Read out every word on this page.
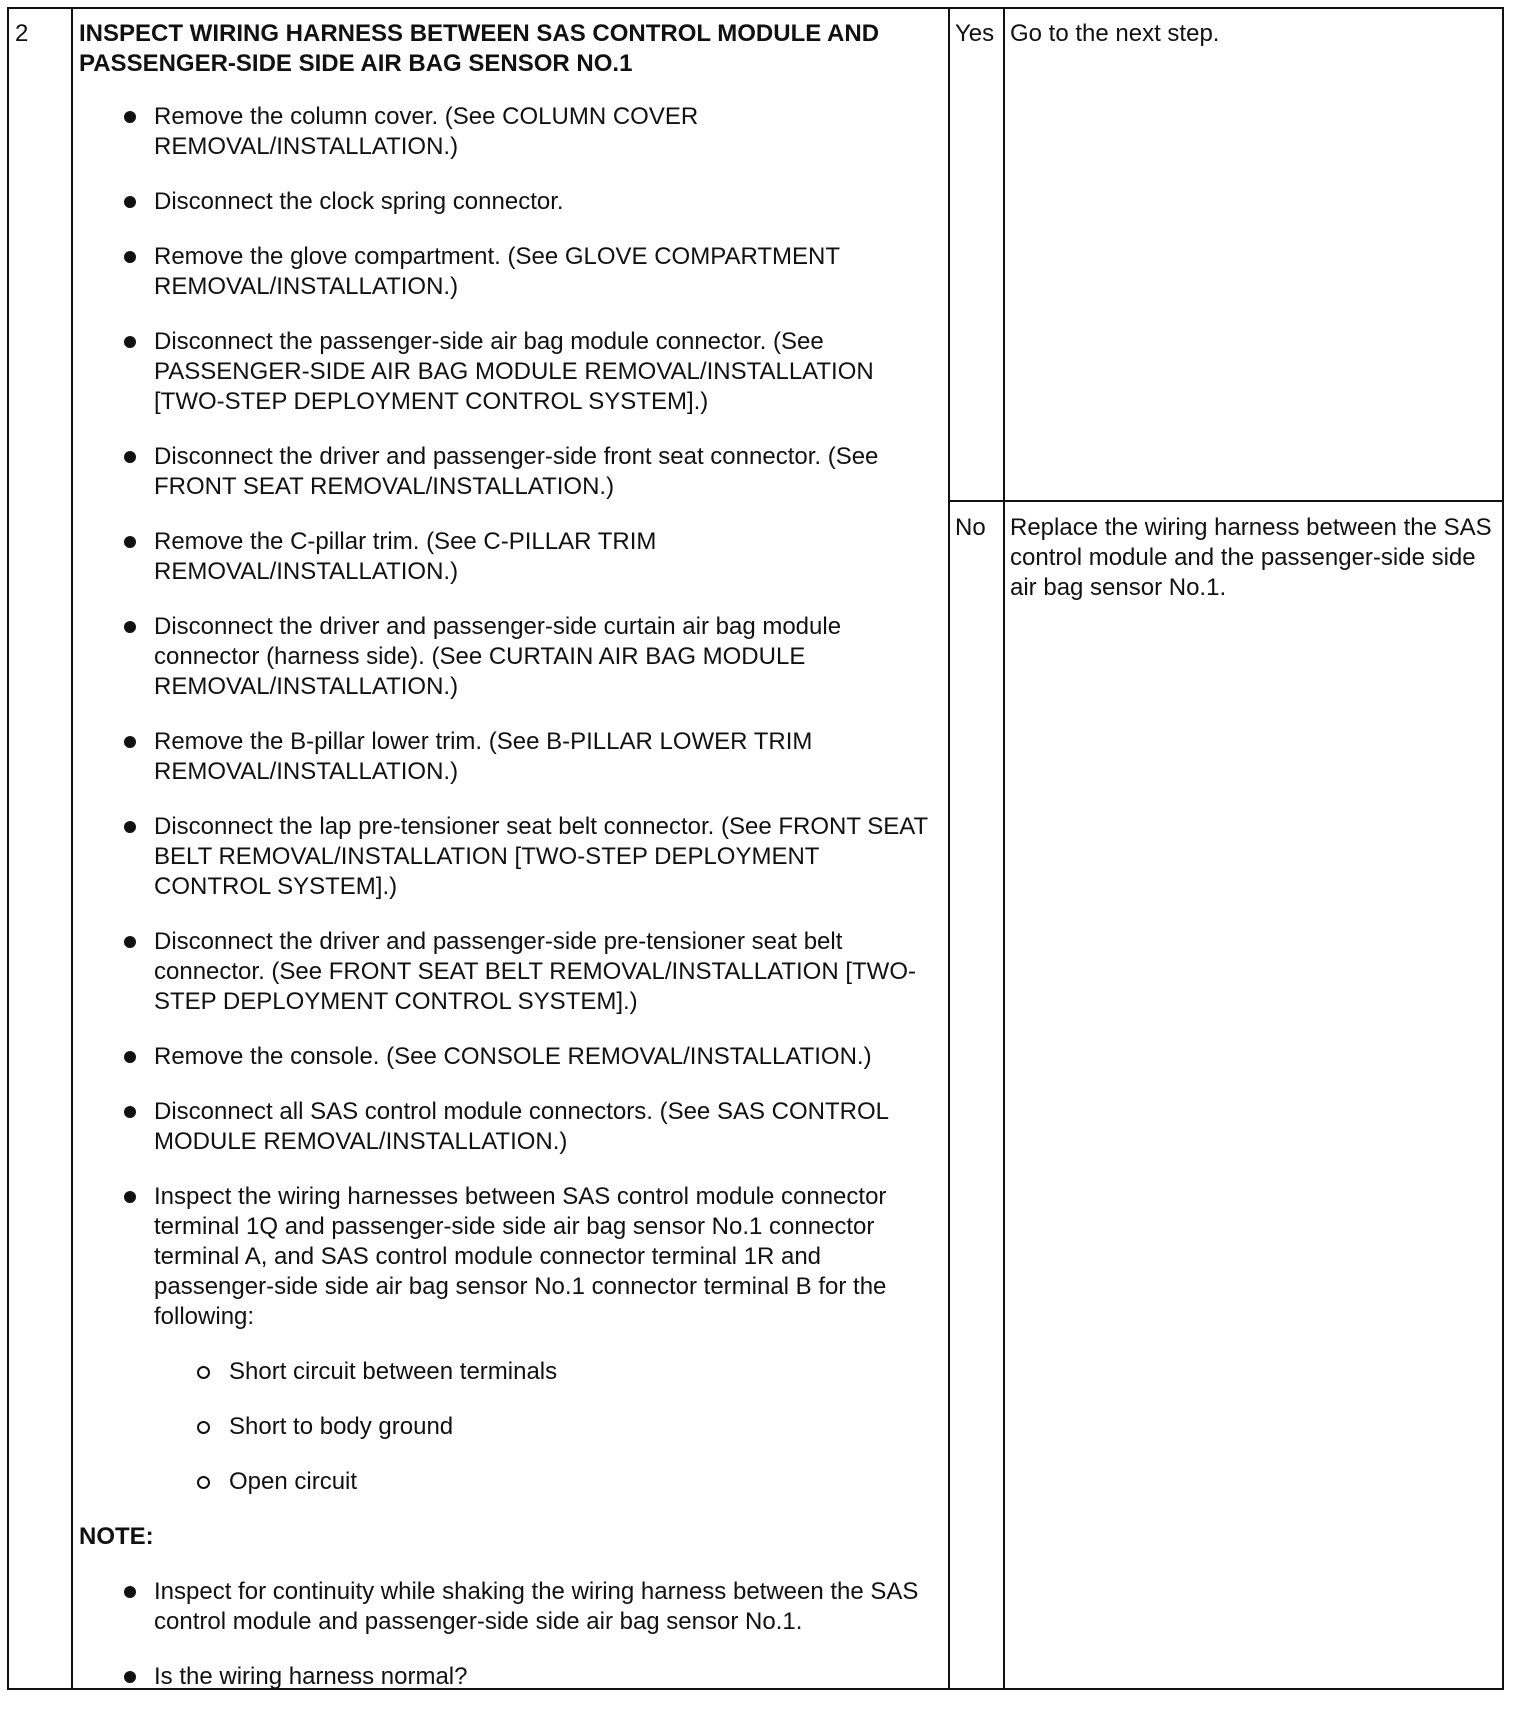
2 INSPECT WIRING HARNESS BETWEEN SAS CONTROL MODULE AND PASSENGER-SIDE SIDE AIR BAG SENSOR NO.1
Remove the column cover. (See COLUMN COVER REMOVAL/INSTALLATION.)
Disconnect the clock spring connector.
Remove the glove compartment. (See GLOVE COMPARTMENT REMOVAL/INSTALLATION.)
Disconnect the passenger-side air bag module connector. (See PASSENGER-SIDE AIR BAG MODULE REMOVAL/INSTALLATION [TWO-STEP DEPLOYMENT CONTROL SYSTEM].)
Disconnect the driver and passenger-side front seat connector. (See FRONT SEAT REMOVAL/INSTALLATION.)
Remove the C-pillar trim. (See C-PILLAR TRIM REMOVAL/INSTALLATION.)
Disconnect the driver and passenger-side curtain air bag module connector (harness side). (See CURTAIN AIR BAG MODULE REMOVAL/INSTALLATION.)
Remove the B-pillar lower trim. (See B-PILLAR LOWER TRIM REMOVAL/INSTALLATION.)
Disconnect the lap pre-tensioner seat belt connector. (See FRONT SEAT BELT REMOVAL/INSTALLATION [TWO-STEP DEPLOYMENT CONTROL SYSTEM].)
Disconnect the driver and passenger-side pre-tensioner seat belt connector. (See FRONT SEAT BELT REMOVAL/INSTALLATION [TWO-STEP DEPLOYMENT CONTROL SYSTEM].)
Remove the console. (See CONSOLE REMOVAL/INSTALLATION.)
Disconnect all SAS control module connectors. (See SAS CONTROL MODULE REMOVAL/INSTALLATION.)
Inspect the wiring harnesses between SAS control module connector terminal 1Q and passenger-side side air bag sensor No.1 connector terminal A, and SAS control module connector terminal 1R and passenger-side side air bag sensor No.1 connector terminal B for the following:
Short circuit between terminals
Short to body ground
Open circuit
NOTE:
Inspect for continuity while shaking the wiring harness between the SAS control module and passenger-side side air bag sensor No.1.
Is the wiring harness normal?
Yes Go to the next step.
No Replace the wiring harness between the SAS control module and the passenger-side side air bag sensor No.1.
